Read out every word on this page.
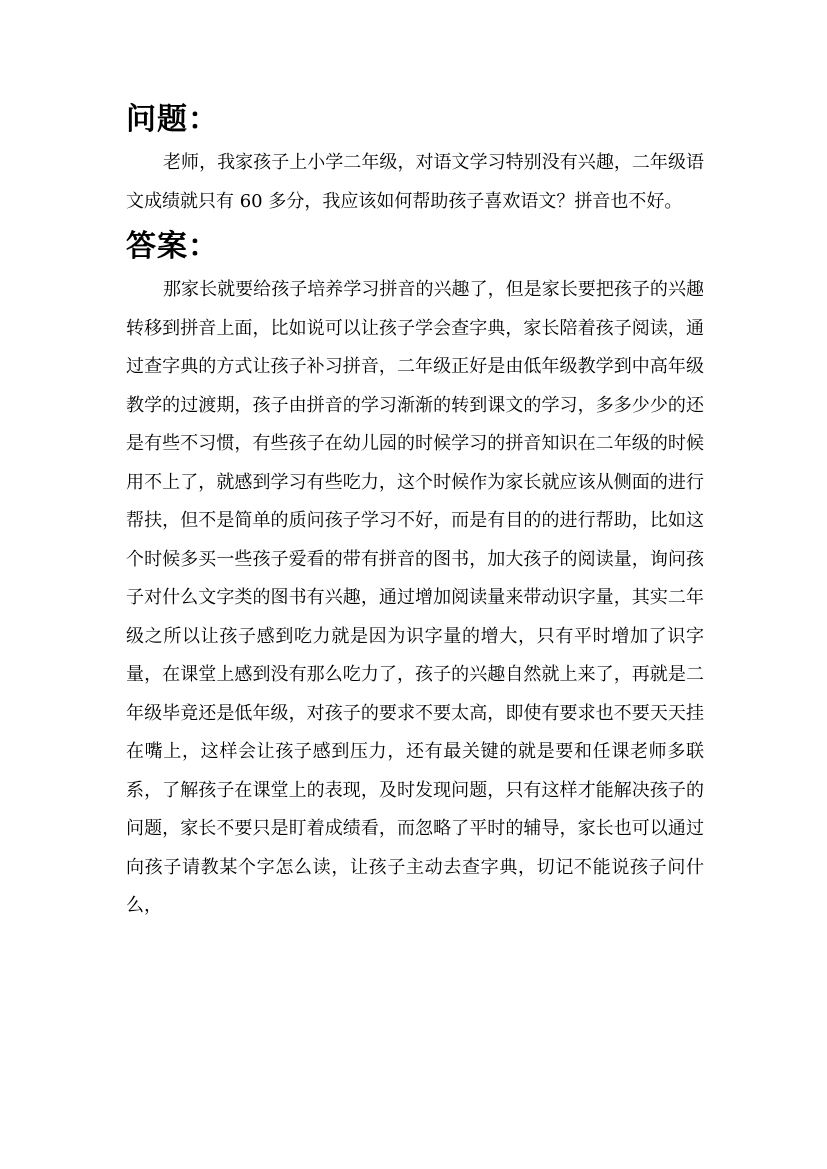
问题：

老师，我家孩子上小学二年级，对语文学习特别没有兴趣，二年级语文成绩就只有 60 多分，我应该如何帮助孩子喜欢语文？拼音也不好。

答案：

那家长就要给孩子培养学习拼音的兴趣了，但是家长要把孩子的兴趣转移到拼音上面，比如说可以让孩子学会查字典，家长陪着孩子阅读，通过查字典的方式让孩子补习拼音，二年级正好是由低年级教学到中高年级教学的过渡期，孩子由拼音的学习渐渐的转到课文的学习，多多少少的还是有些不习惯，有些孩子在幼儿园的时候学习的拼音知识在二年级的时候用不上了，就感到学习有些吃力，这个时候作为家长就应该从侧面的进行帮扶，但不是简单的质问孩子学习不好，而是有目的的进行帮助，比如这个时候多买一些孩子爱看的带有拼音的图书，加大孩子的阅读量，询问孩子对什么文字类的图书有兴趣，通过增加阅读量来带动识字量，其实二年级之所以让孩子感到吃力就是因为识字量的增大，只有平时增加了识字量，在课堂上感到没有那么吃力了，孩子的兴趣自然就上来了，再就是二年级毕竟还是低年级，对孩子的要求不要太高，即使有要求也不要天天挂在嘴上，这样会让孩子感到压力，还有最关键的就是要和任课老师多联系，了解孩子在课堂上的表现，及时发现问题，只有这样才能解决孩子的问题，家长不要只是盯着成绩看，而忽略了平时的辅导，家长也可以通过向孩子请教某个字怎么读，让孩子主动去查字典，切记不能说孩子问什么，
